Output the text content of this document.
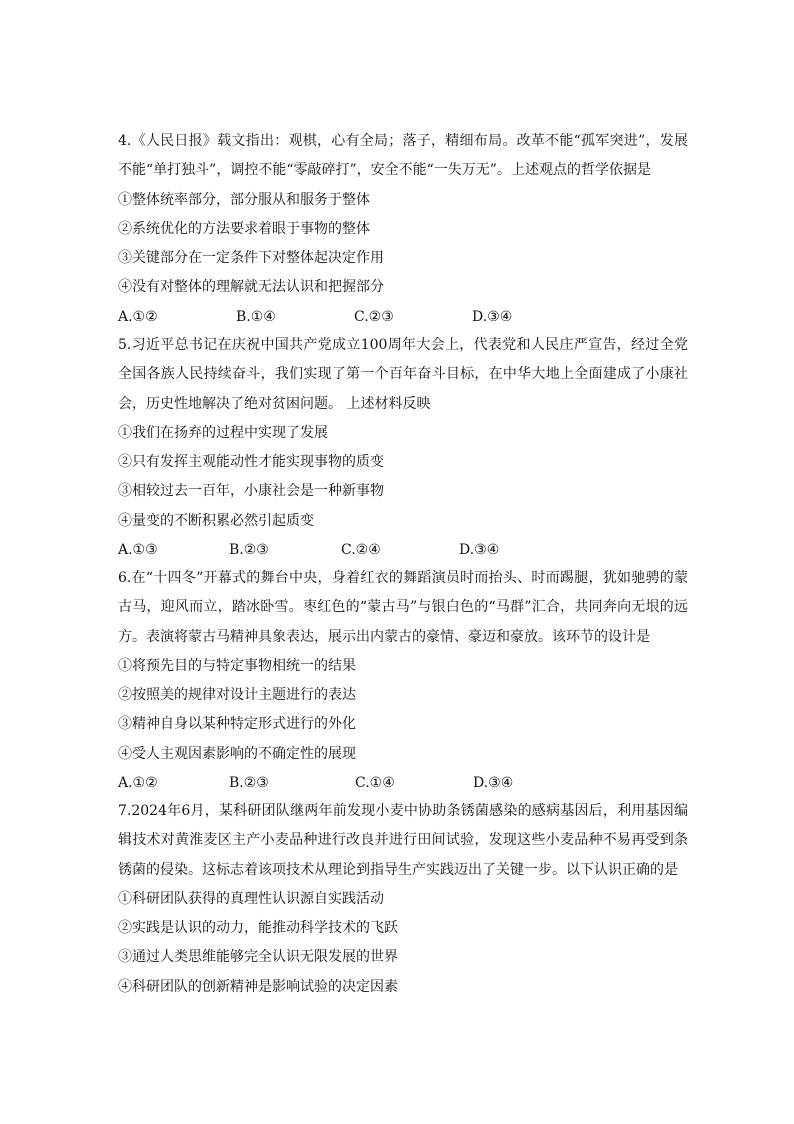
4.《人民日报》载文指出：观棋，心有全局；落子，精细布局。改革不能“孤军突进”，发展不能“单打独斗”，调控不能“零敲碎打”，安全不能“一失万无”。上述观点的哲学依据是

①整体统率部分，部分服从和服务于整体

②系统优化的方法要求着眼于事物的整体

③关键部分在一定条件下对整体起决定作用

④没有对整体的理解就无法认识和把握部分

A.①②	B.①④	C.②③	D.③④

5.习近平总书记在庆祝中国共产党成立100周年大会上，代表党和人民庄严宣告，经过全党全国各族人民持续奋斗，我们实现了第一个百年奋斗目标，在中华大地上全面建成了小康社会，历史性地解决了绝对贫困问题。 上述材料反映

①我们在扬弃的过程中实现了发展

②只有发挥主观能动性才能实现事物的质变

③相较过去一百年，小康社会是一种新事物

④量变的不断积累必然引起质变

A.①③	B.②③	C.②④	D.③④

6.在“十四冬”开幕式的舞台中央，身着红衣的舞蹈演员时而抬头、时而踢腿，犹如驰骋的蒙古马，迎风而立，踏冰卧雪。枣红色的“蒙古马”与银白色的“马群”汇合，共同奔向无垠的远方。表演将蒙古马精神具象表达，展示出内蒙古的豪情、豪迈和豪放。该环节的设计是

①将预先目的与特定事物相统一的结果

②按照美的规律对设计主题进行的表达

③精神自身以某种特定形式进行的外化

④受人主观因素影响的不确定性的展现

A.①②	B.②③	C.①④	D.③④

7.2024年6月，某科研团队继两年前发现小麦中协助条锈菌感染的感病基因后，利用基因编辑技术对黄淮麦区主产小麦品种进行改良并进行田间试验，发现这些小麦品种不易再受到条锈菌的侵染。这标志着该项技术从理论到指导生产实践迈出了关键一步。以下认识正确的是

①科研团队获得的真理性认识源自实践活动

②实践是认识的动力，能推动科学技术的飞跃

③通过人类思维能够完全认识无限发展的世界

④科研团队的创新精神是影响试验的决定因素
